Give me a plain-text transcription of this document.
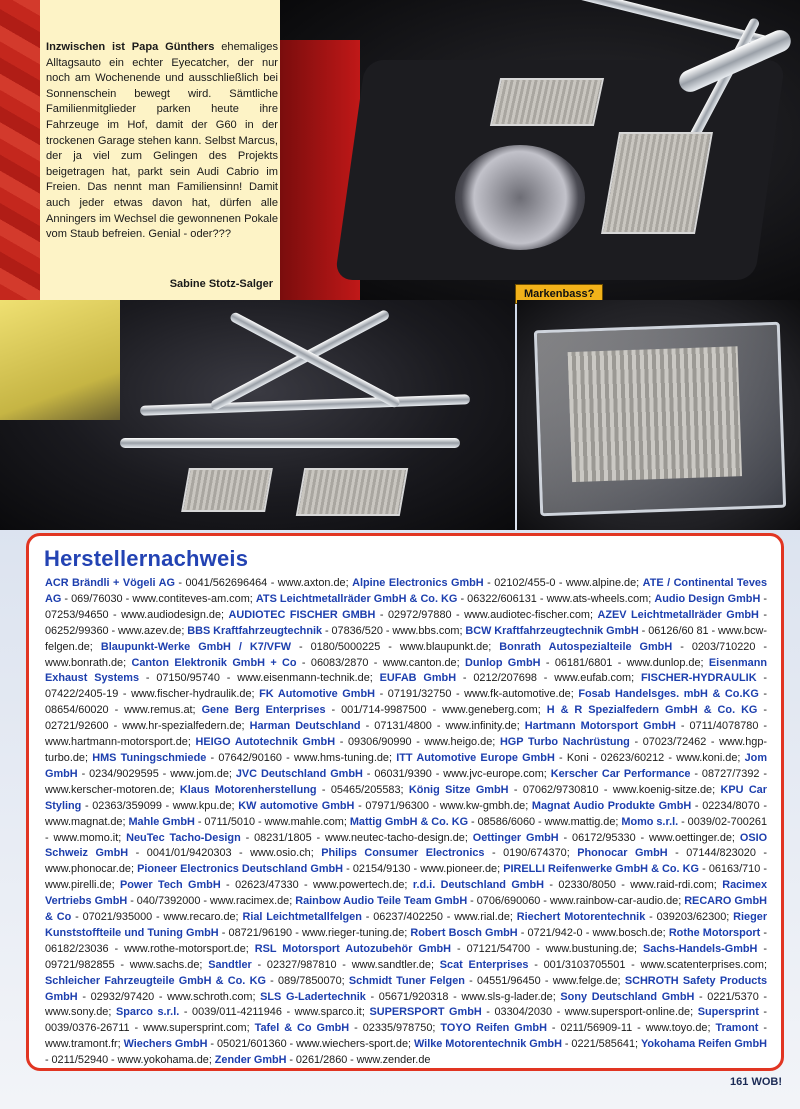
Inzwischen ist Papa Günthers ehemaliges Alltagsauto ein echter Eyecatcher, der nur noch am Wochenende und ausschließlich bei Sonnenschein bewegt wird. Sämtliche Familienmitglieder parken heute ihre Fahrzeuge im Hof, damit der G60 in der trockenen Garage stehen kann. Selbst Marcus, der ja viel zum Gelingen des Projekts beigetragen hat, parkt sein Audi Cabrio im Freien. Das nennt man Familiensinn! Damit auch jeder etwas davon hat, dürfen alle Anningers im Wechsel die gewonnenen Pokale vom Staub befreien. Genial - oder???
Sabine Stotz-Salger
Markenbass?
Herstellernachweis
ACR Brändli + Vögeli AG - 0041/562696464 - www.axton.de; Alpine Electronics GmbH - 02102/455-0 - www.alpine.de; ATE / Continental Teves AG - 069/76030 - www.contiteves-am.com; ATS Leichtmetallräder GmbH & Co. KG - 06322/606131 - www.ats-wheels.com; Audio Design GmbH - 07253/94650 - www.audiodesign.de; AUDIOTEC FISCHER GMBH - 02972/97880 - www.audiotec-fischer.com; AZEV Leichtmetallräder GmbH - 06252/99360 - www.azev.de; BBS Kraftfahrzeugtechnik - 07836/520 - www.bbs.com; BCW Kraftfahrzeugtechnik GmbH - 06126/60 81 - www.bcw-felgen.de; Blaupunkt-Werke GmbH / K7/VFW - 0180/5000225 - www.blaupunkt.de; Bonrath Autospezialteile GmbH - 0203/710220 - www.bonrath.de; Canton Elektronik GmbH + Co - 06083/2870 - www.canton.de; Dunlop GmbH - 06181/6801 - www.dunlop.de; Eisenmann Exhaust Systems - 07150/95740 - www.eisenmann-technik.de; EUFAB GmbH - 0212/207698 - www.eufab.com; FISCHER-HYDRAULIK - 07422/2405-19 - www.fischer-hydraulik.de; FK Automotive GmbH - 07191/32750 - www.fk-automotive.de; Fosab Handelsges. mbH & Co.KG - 08654/60020 - www.remus.at; Gene Berg Enterprises - 001/714-9987500 - www.geneberg.com; H & R Spezialfedern GmbH & Co. KG - 02721/92600 - www.hr-spezialfedern.de; Harman Deutschland - 07131/4800 - www.infinity.de; Hartmann Motorsport GmbH - 0711/4078780 - www.hartmann-motorsport.de; HEIGO Autotechnik GmbH - 09306/90990 - www.heigo.de; HGP Turbo Nachrüstung - 07023/72462 - www.hgp-turbo.de; HMS Tuningschmiede - 07642/90160 - www.hms-tuning.de; ITT Automotive Europe GmbH - Koni - 02623/60212 - www.koni.de; Jom GmbH - 0234/9029595 - www.jom.de; JVC Deutschland GmbH - 06031/9390 - www.jvc-europe.com; Kerscher Car Performance - 08727/7392 - www.kerscher-motoren.de; Klaus Motorenherstellung - 05465/205583; König Sitze GmbH - 07062/9730810 - www.koenig-sitze.de; KPU Car Styling - 02363/359099 - www.kpu.de; KW automotive GmbH - 07971/96300 - www.kw-gmbh.de; Magnat Audio Produkte GmbH - 02234/8070 - www.magnat.de; Mahle GmbH - 0711/5010 - www.mahle.com; Mattig GmbH & Co. KG - 08586/6060 - www.mattig.de; Momo s.r.l. - 0039/02-700261 - www.momo.it; NeuTec Tacho-Design - 08231/1805 - www.neutec-tacho-design.de; Oettinger GmbH - 06172/95330 - www.oettinger.de; OSIO Schweiz GmbH - 0041/01/9420303 - www.osio.ch; Philips Consumer Electronics - 0190/674370; Phonocar GmbH - 07144/823020 - www.phonocar.de; Pioneer Electronics Deutschland GmbH - 02154/9130 - www.pioneer.de; PIRELLI Reifenwerke GmbH & Co. KG - 06163/710 - www.pirelli.de; Power Tech GmbH - 02623/47330 - www.powertech.de; r.d.i. Deutschland GmbH - 02330/8050 - www.raid-rdi.com; Racimex Vertriebs GmbH - 040/7392000 - www.racimex.de; Rainbow Audio Teile Team GmbH - 0706/690060 - www.rainbow-car-audio.de; RECARO GmbH & Co - 07021/935000 - www.recaro.de; Rial Leichtmetallfelgen - 06237/402250 - www.rial.de; Riechert Motorentechnik - 039203/62300; Rieger Kunststoffteile und Tuning GmbH - 08721/96190 - www.rieger-tuning.de; Robert Bosch GmbH - 0721/942-0 - www.bosch.de; Rothe Motorsport - 06182/23036 - www.rothe-motorsport.de; RSL Motorsport Autozubehör GmbH - 07121/54700 - www.bustuning.de; Sachs-Handels-GmbH - 09721/982855 - www.sachs.de; Sandtler - 02327/987810 - www.sandtler.de; Scat Enterprises - 001/3103705501 - www.scatenterprises.com; Schleicher Fahrzeugteile GmbH & Co. KG - 089/7850070; Schmidt Tuner Felgen - 04551/96450 - www.felge.de; SCHROTH Safety Products GmbH - 02932/97420 - www.schroth.com; SLS G-Ladertechnik - 05671/920318 - www.sls-g-lader.de; Sony Deutschland GmbH - 0221/5370 - www.sony.de; Sparco s.r.l. - 0039/011-4211946 - www.sparco.it; SUPERSPORT GmbH - 03304/2030 - www.supersport-online.de; Supersprint - 0039/0376-26711 - www.supersprint.com; Tafel & Co GmbH - 02335/978750; TOYO Reifen GmbH - 0211/56909-11 - www.toyo.de; Tramont - www.tramont.fr; Wiechers GmbH - 05021/601360 - www.wiechers-sport.de; Wilke Motorentechnik GmbH - 0221/585641; Yokohama Reifen GmbH - 0211/52940 - www.yokohama.de; Zender GmbH - 0261/2860 - www.zender.de
161 WOB!
